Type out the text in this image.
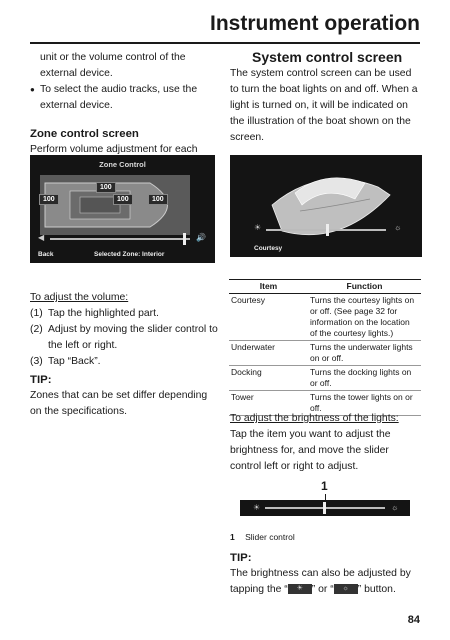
Instrument operation

unit or the volume control of the external device.

● To select the audio tracks, use the external device.

Zone control screen

Perform volume adjustment for each

System control screen

The system control screen can be used to turn the boat lights on and off. When a light is turned on, it will be indicated on the illustration of the boat shown on the screen.

Zone Control
100
100	100	100
◀	🔊
Back	Selected Zone: Interior
☀	☼
Courtesy

To adjust the volume:

(1) Tap the highlighted part.

(2) Adjust by moving the slider control to the left or right.

(3) Tap “Back”.

TIP:

Zones that can be set differ depending on the specifications.

Item	Function
Courtesy	Turns the courtesy lights on or off. (See page 32 for information on the location of the courtesy lights.)
Underwater	Turns the underwater lights on or off.
Docking	Turns the docking lights on or off.
Tower	Turns the tower lights on or off.

To adjust the brightness of the lights:

Tap the item you want to adjust the brightness for, and move the slider control left or right to adjust.

1
☀	☼
1 Slider control
TIP:

The brightness can also be adjusted by tapping the “ ☀ ” or “ ☼ ” button.

84
